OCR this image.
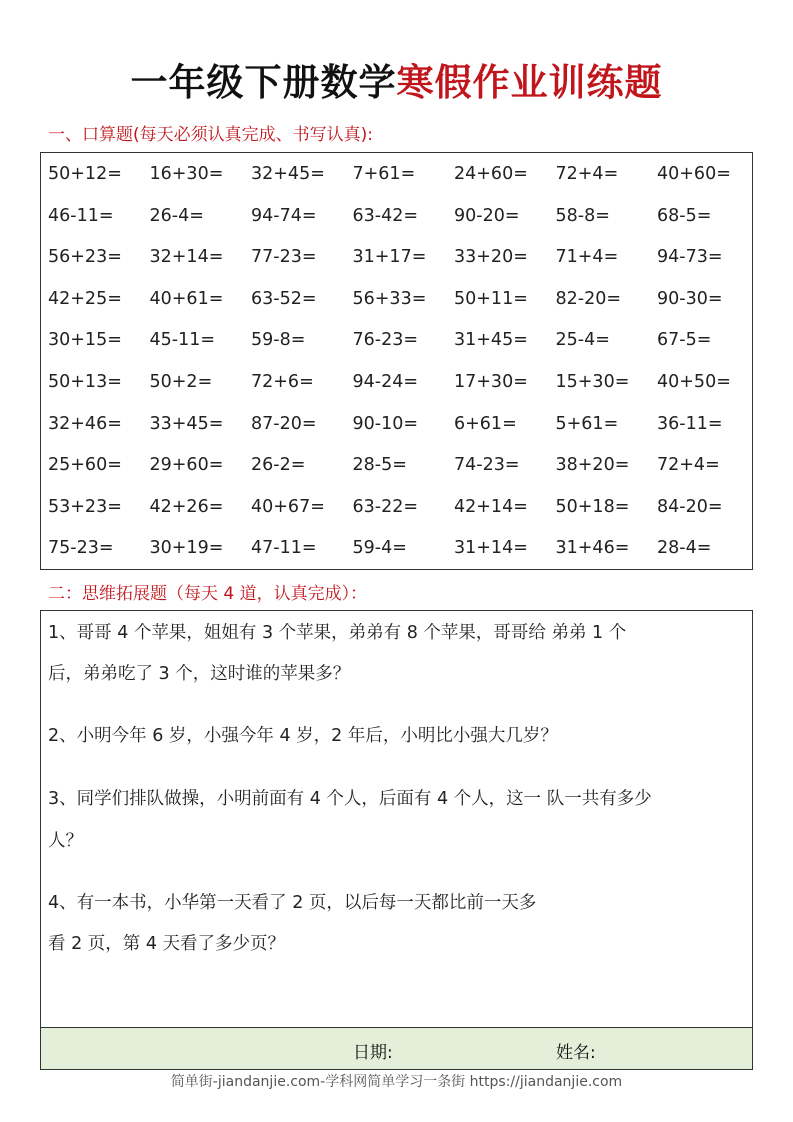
一年级下册数学寒假作业训练题
一、口算题(每天必须认真完成、书写认真):
50+12=	16+30=	32+45=	7+61=	24+60=	72+4=	40+60=
46-11=	26-4=	94-74=	63-42=	90-20=	58-8=	68-5=
56+23=	32+14=	77-23=	31+17=	33+20=	71+4=	94-73=
42+25=	40+61=	63-52=	56+33=	50+11=	82-20=	90-30=
30+15=	45-11=	59-8=	76-23=	31+45=	25-4=	67-5=
50+13=	50+2=	72+6=	94-24=	17+30=	15+30=	40+50=
32+46=	33+45=	87-20=	90-10=	6+61=	5+61=	36-11=
25+60=	29+60=	26-2=	28-5=	74-23=	38+20=	72+4=
53+23=	42+26=	40+67=	63-22=	42+14=	50+18=	84-20=
75-23=	30+19=	47-11=	59-4=	31+14=	31+46=	28-4=
二：思维拓展题（每天 4 道，认真完成）：
1、哥哥 4 个苹果，姐姐有 3 个苹果，弟弟有 8 个苹果，哥哥给 弟弟 1 个
后，弟弟吃了 3 个，这时谁的苹果多？
2、小明今年 6 岁，小强今年 4 岁，2 年后，小明比小强大几岁？
3、同学们排队做操，小明前面有 4 个人，后面有 4 个人，这一 队一共有多少
人？
4、有一本书，小华第一天看了 2 页，以后每一天都比前一天多
看 2 页，第 4 天看了多少页？
日期:	姓名:
简单街-jiandanjie.com-学科网简单学习一条街 https://jiandanjie.com
